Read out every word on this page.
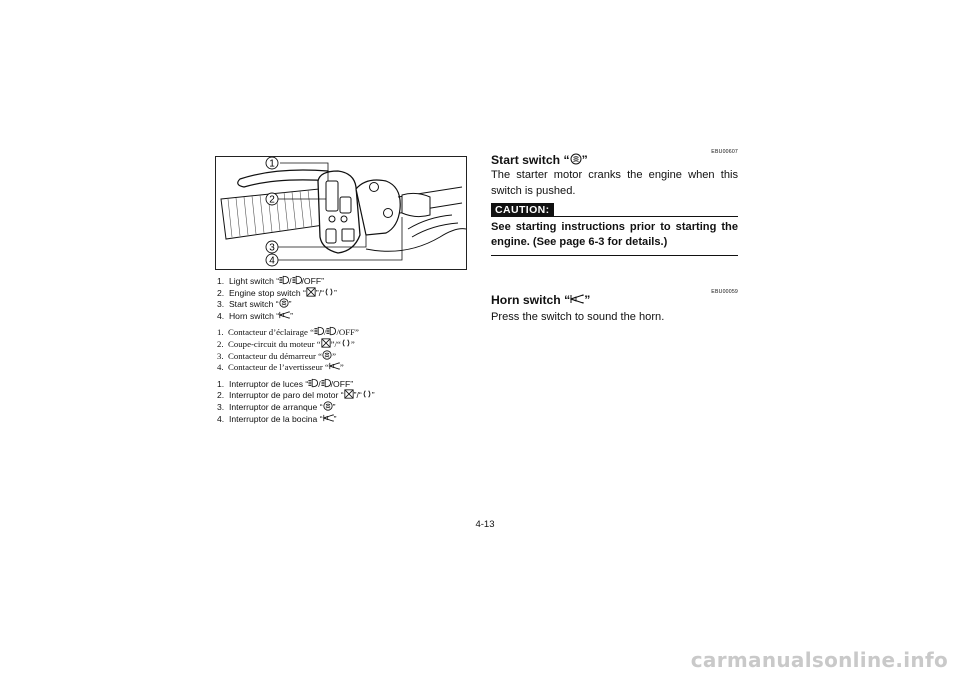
1
2
3
4
1. Light switch “ / /OFF”
2. Engine stop switch “ ”/“ ”
3. Start switch “ ”
4. Horn switch “ ”
1. Contacteur d’éclairage “ / /OFF”
2. Coupe-circuit du moteur “ ”/“ ”
3. Contacteur du démarreur “ ”
4. Contacteur de l’avertisseur “ ”
1. Interruptor de luces “ / /OFF”
2. Interruptor de paro del motor “ ”/“ ”
3. Interruptor de arranque “ ”
4. Interruptor de la bocina “ ”
EBU00607
Start switch “ ”
The starter motor cranks the engine when this switch is pushed.
CAUTION:
See starting instructions prior to starting the engine. (See page 6-3 for details.)
EBU00059
Horn switch “ ”
Press the switch to sound the horn.
4-13
carmanualsonline.info
